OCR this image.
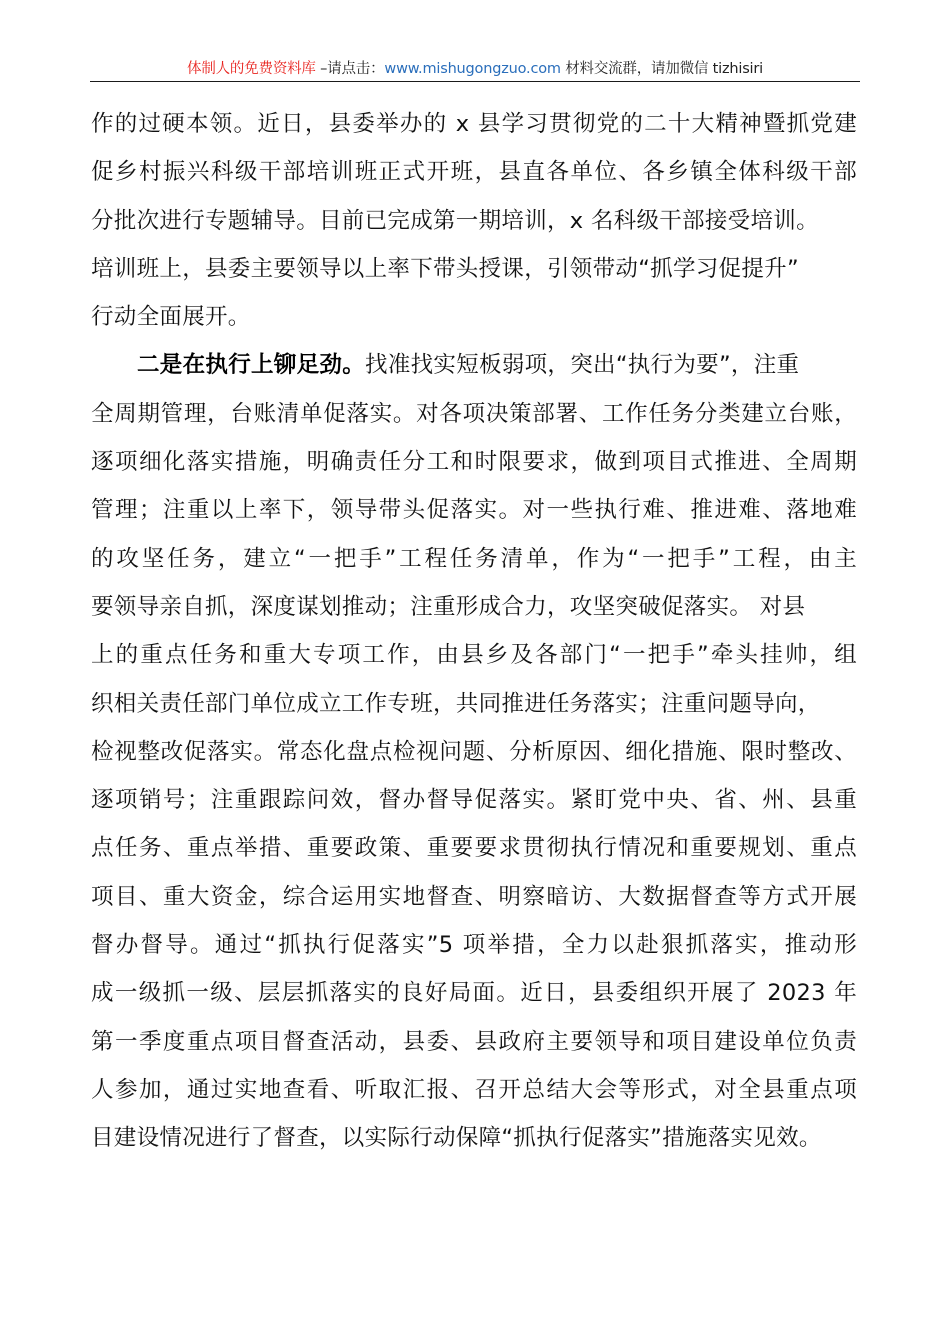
体制人的免费资料库 –请点击：www.mishugongzuo.com 材料交流群，请加微信 tizhisiri
作的过硬本领。近日，县委举办的 x 县学习贯彻党的二十大精神暨抓党建
促乡村振兴科级干部培训班正式开班，县直各单位、各乡镇全体科级干部
分批次进行专题辅导。目前已完成第一期培训，x 名科级干部接受培训。
培训班上，县委主要领导以上率下带头授课，引领带动“抓学习促提升”
行动全面展开。
二是在执行上铆足劲。找准找实短板弱项，突出“执行为要”，注重
全周期管理，台账清单促落实。对各项决策部署、工作任务分类建立台账，
逐项细化落实措施，明确责任分工和时限要求，做到项目式推进、全周期
管理；注重以上率下，领导带头促落实。对一些执行难、推进难、落地难
的攻坚任务，建立“一把手”工程任务清单，作为“一把手”工程，由主
要领导亲自抓，深度谋划推动；注重形成合力，攻坚突破促落实。 对县
上的重点任务和重大专项工作，由县乡及各部门“一把手”牵头挂帅，组
织相关责任部门单位成立工作专班，共同推进任务落实；注重问题导向，
检视整改促落实。常态化盘点检视问题、分析原因、细化措施、限时整改、
逐项销号；注重跟踪问效，督办督导促落实。紧盯党中央、省、州、县重
点任务、重点举措、重要政策、重要要求贯彻执行情况和重要规划、重点
项目、重大资金，综合运用实地督查、明察暗访、大数据督查等方式开展
督办督导。通过“抓执行促落实”5 项举措，全力以赴狠抓落实，推动形
成一级抓一级、层层抓落实的良好局面。近日，县委组织开展了 2023 年
第一季度重点项目督查活动，县委、县政府主要领导和项目建设单位负责
人参加，通过实地查看、听取汇报、召开总结大会等形式，对全县重点项
目建设情况进行了督查，以实际行动保障“抓执行促落实”措施落实见效。
